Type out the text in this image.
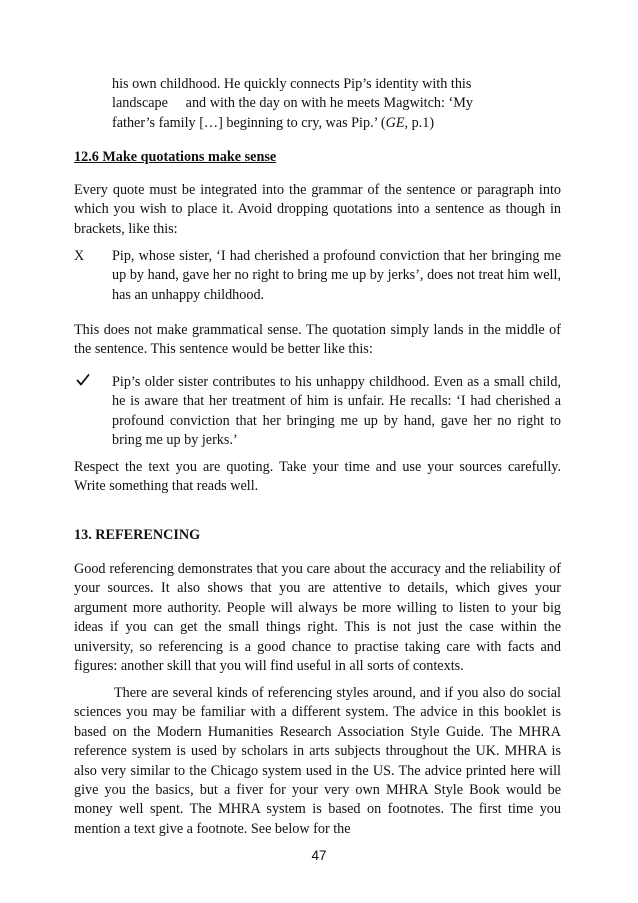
his own childhood. He quickly connects Pip’s identity with this

landscape     and with the day on with he meets Magwitch: ‘My

father’s family […] beginning to cry, was Pip.’ (GE, p.1)

12.6 Make quotations make sense
Every quote must be integrated into the grammar of the sentence or paragraph into which you wish to place it. Avoid dropping quotations into a sentence as though in brackets, like this:
X Pip, whose sister, ‘I had cherished a profound conviction that her bringing me up by hand, gave her no right to bring me up by jerks’, does not treat him well, has an unhappy childhood.
This does not make grammatical sense. The quotation simply lands in the middle of the sentence. This sentence would be better like this:
Pip’s older sister contributes to his unhappy childhood. Even as a small child, he is aware that her treatment of him is unfair. He recalls: ‘I had cherished a profound conviction that her bringing me up by hand, gave her no right to bring me up by jerks.’
Respect the text you are quoting. Take your time and use your sources carefully. Write something that reads well.
13. REFERENCING
Good referencing demonstrates that you care about the accuracy and the reliability of your sources. It also shows that you are attentive to details, which gives your argument more authority. People will always be more willing to listen to your big ideas if you can get the small things right. This is not just the case within the university, so referencing is a good chance to practise taking care with facts and figures: another skill that you will find useful in all sorts of contexts.
There are several kinds of referencing styles around, and if you also do social sciences you may be familiar with a different system. The advice in this booklet is based on the Modern Humanities Research Association Style Guide. The MHRA reference system is used by scholars in arts subjects throughout the UK. MHRA is also very similar to the Chicago system used in the US. The advice printed here will give you the basics, but a fiver for your very own MHRA Style Book would be money well spent. The MHRA system is based on footnotes. The first time you mention a text give a footnote. See below for the
47
